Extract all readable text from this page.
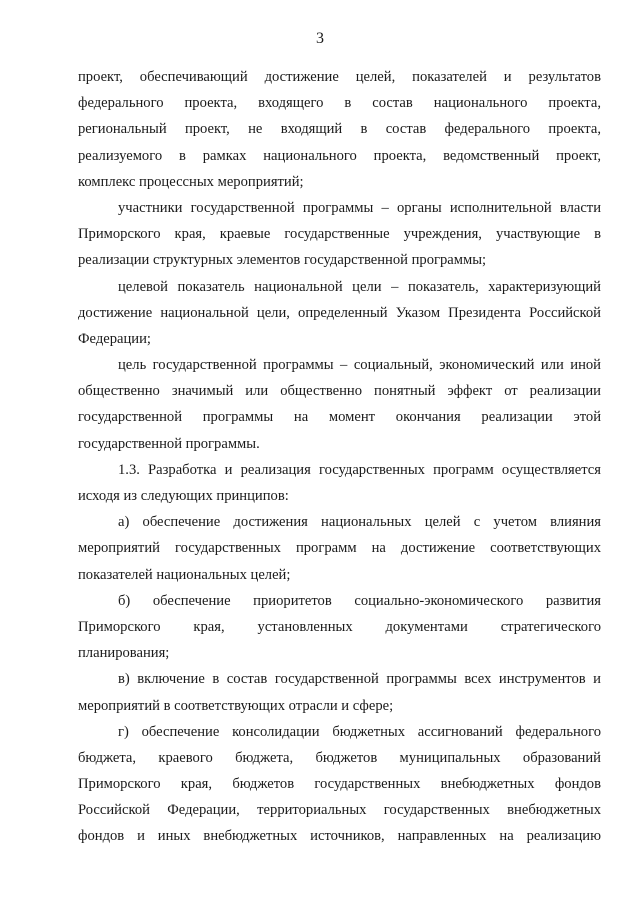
3
проект, обеспечивающий достижение целей, показателей и результатов
федерального проекта, входящего в состав национального проекта,
региональный проект, не входящий в состав федерального проекта,
реализуемого в рамках национального проекта, ведомственный проект,
комплекс процессных мероприятий;
участники государственной программы – органы исполнительной власти
Приморского края, краевые государственные учреждения, участвующие в
реализации структурных элементов государственной программы;
целевой показатель национальной цели – показатель, характеризующий
достижение национальной цели, определенный Указом Президента Российской
Федерации;
цель государственной программы – социальный, экономический или иной
общественно значимый или общественно понятный эффект от реализации
государственной программы на момент окончания реализации этой
государственной программы.
1.3. Разработка и реализация государственных программ осуществляется
исходя из следующих принципов:
а) обеспечение достижения национальных целей с учетом влияния
мероприятий государственных программ на достижение соответствующих
показателей национальных целей;
б) обеспечение приоритетов социально-экономического развития
Приморского края, установленных документами стратегического
планирования;
в) включение в состав государственной программы всех инструментов и
мероприятий в соответствующих отрасли и сфере;
г) обеспечение консолидации бюджетных ассигнований федерального
бюджета, краевого бюджета, бюджетов муниципальных образований
Приморского края, бюджетов государственных внебюджетных фондов
Российской Федерации, территориальных государственных внебюджетных
фондов и иных внебюджетных источников, направленных на реализацию
